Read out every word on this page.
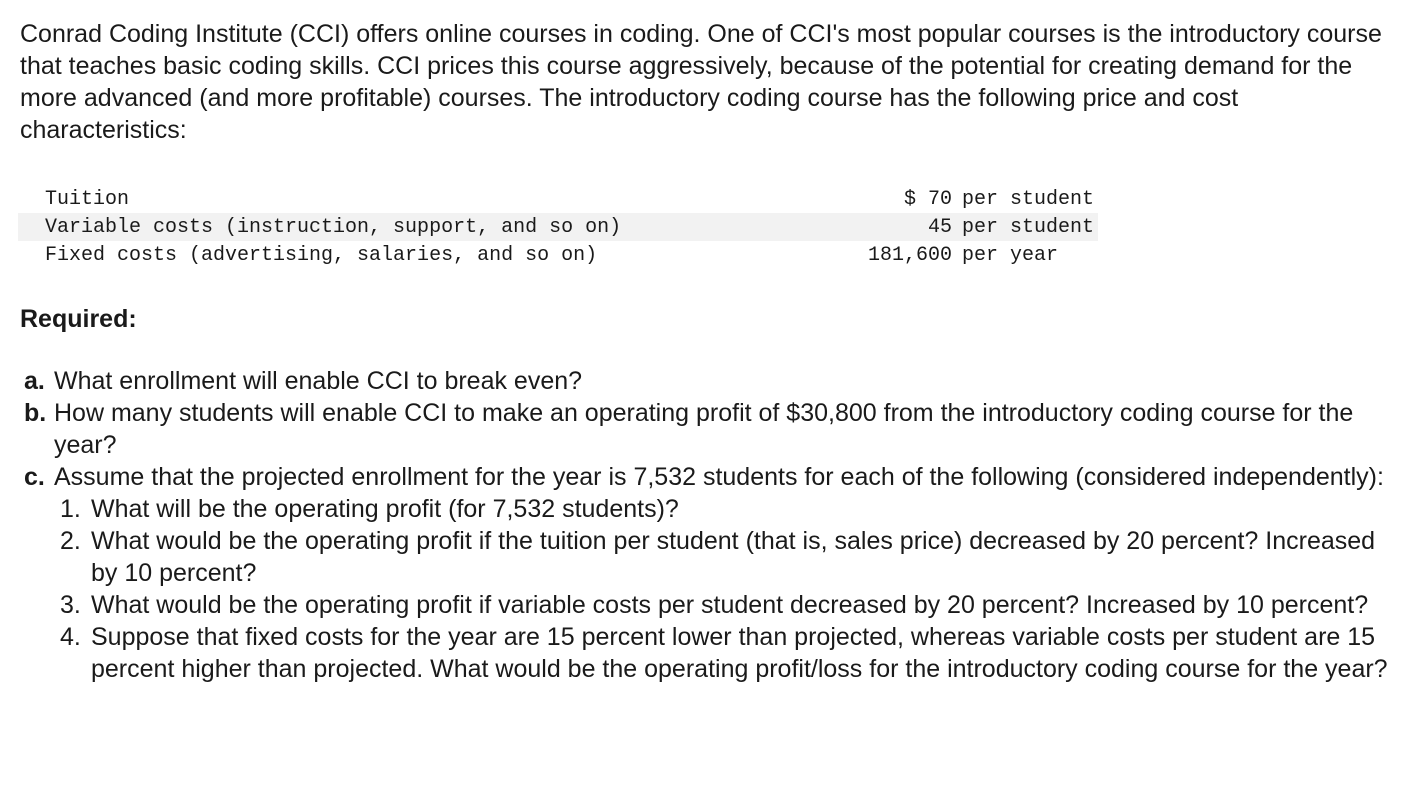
Conrad Coding Institute (CCI) offers online courses in coding. One of CCI's most popular courses is the introductory course that teaches basic coding skills. CCI prices this course aggressively, because of the potential for creating demand for the more advanced (and more profitable) courses. The introductory coding course has the following price and cost characteristics:

Tuition	$ 70	per student
Variable costs (instruction, support, and so on)	45	per student
Fixed costs (advertising, salaries, and so on)	181,600	per year
Required:
a. What enrollment will enable CCI to break even?
b. How many students will enable CCI to make an operating profit of $30,800 from the introductory coding course for the year?
c. Assume that the projected enrollment for the year is 7,532 students for each of the following (considered independently):
1. What will be the operating profit (for 7,532 students)?
2. What would be the operating profit if the tuition per student (that is, sales price) decreased by 20 percent? Increased by 10 percent?
3. What would be the operating profit if variable costs per student decreased by 20 percent? Increased by 10 percent?
4. Suppose that fixed costs for the year are 15 percent lower than projected, whereas variable costs per student are 15 percent higher than projected. What would be the operating profit/loss for the introductory coding course for the year?
